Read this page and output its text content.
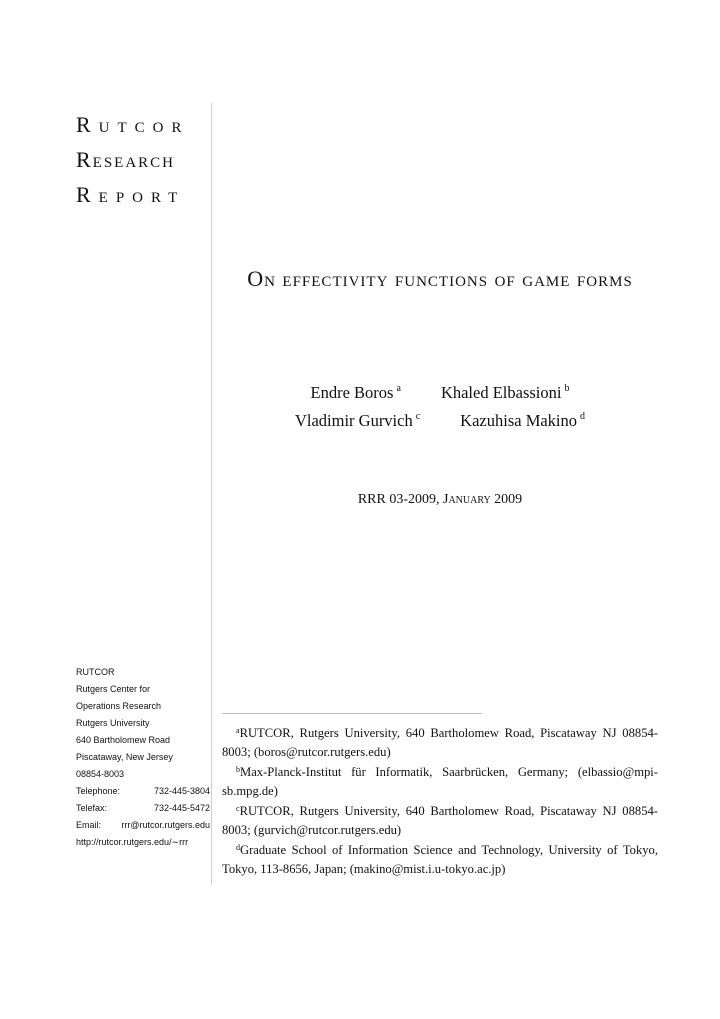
Rutcor
Research
Report
On effectivity functions of game forms
Endre Boros $^a$ Khaled Elbassioni $^b$
Vladimir Gurvich $^c$ Kazuhisa Makino $^d$
RRR 03-2009, January 2009
RUTCOR
Rutgers Center for
Operations Research
Rutgers University
640 Bartholomew Road
Piscataway, New Jersey
08854-8003
Telephone:	732-445-3804
Telefax:	732-445-5472
Email: rrr@rutcor.rutgers.edu
http://rutcor.rutgers.edu/∼rrr

$^a$RUTCOR, Rutgers University, 640 Bartholomew Road, Piscataway NJ 08854-8003; (boros@rutcor.rutgers.edu)

$^b$Max-Planck-Institut für Informatik, Saarbrücken, Germany; (elbassio@mpi-sb.mpg.de)

$^c$RUTCOR, Rutgers University, 640 Bartholomew Road, Piscataway NJ 08854-8003; (gurvich@rutcor.rutgers.edu)

$^d$Graduate School of Information Science and Technology, University of Tokyo, Tokyo, 113-8656, Japan; (makino@mist.i.u-tokyo.ac.jp)
